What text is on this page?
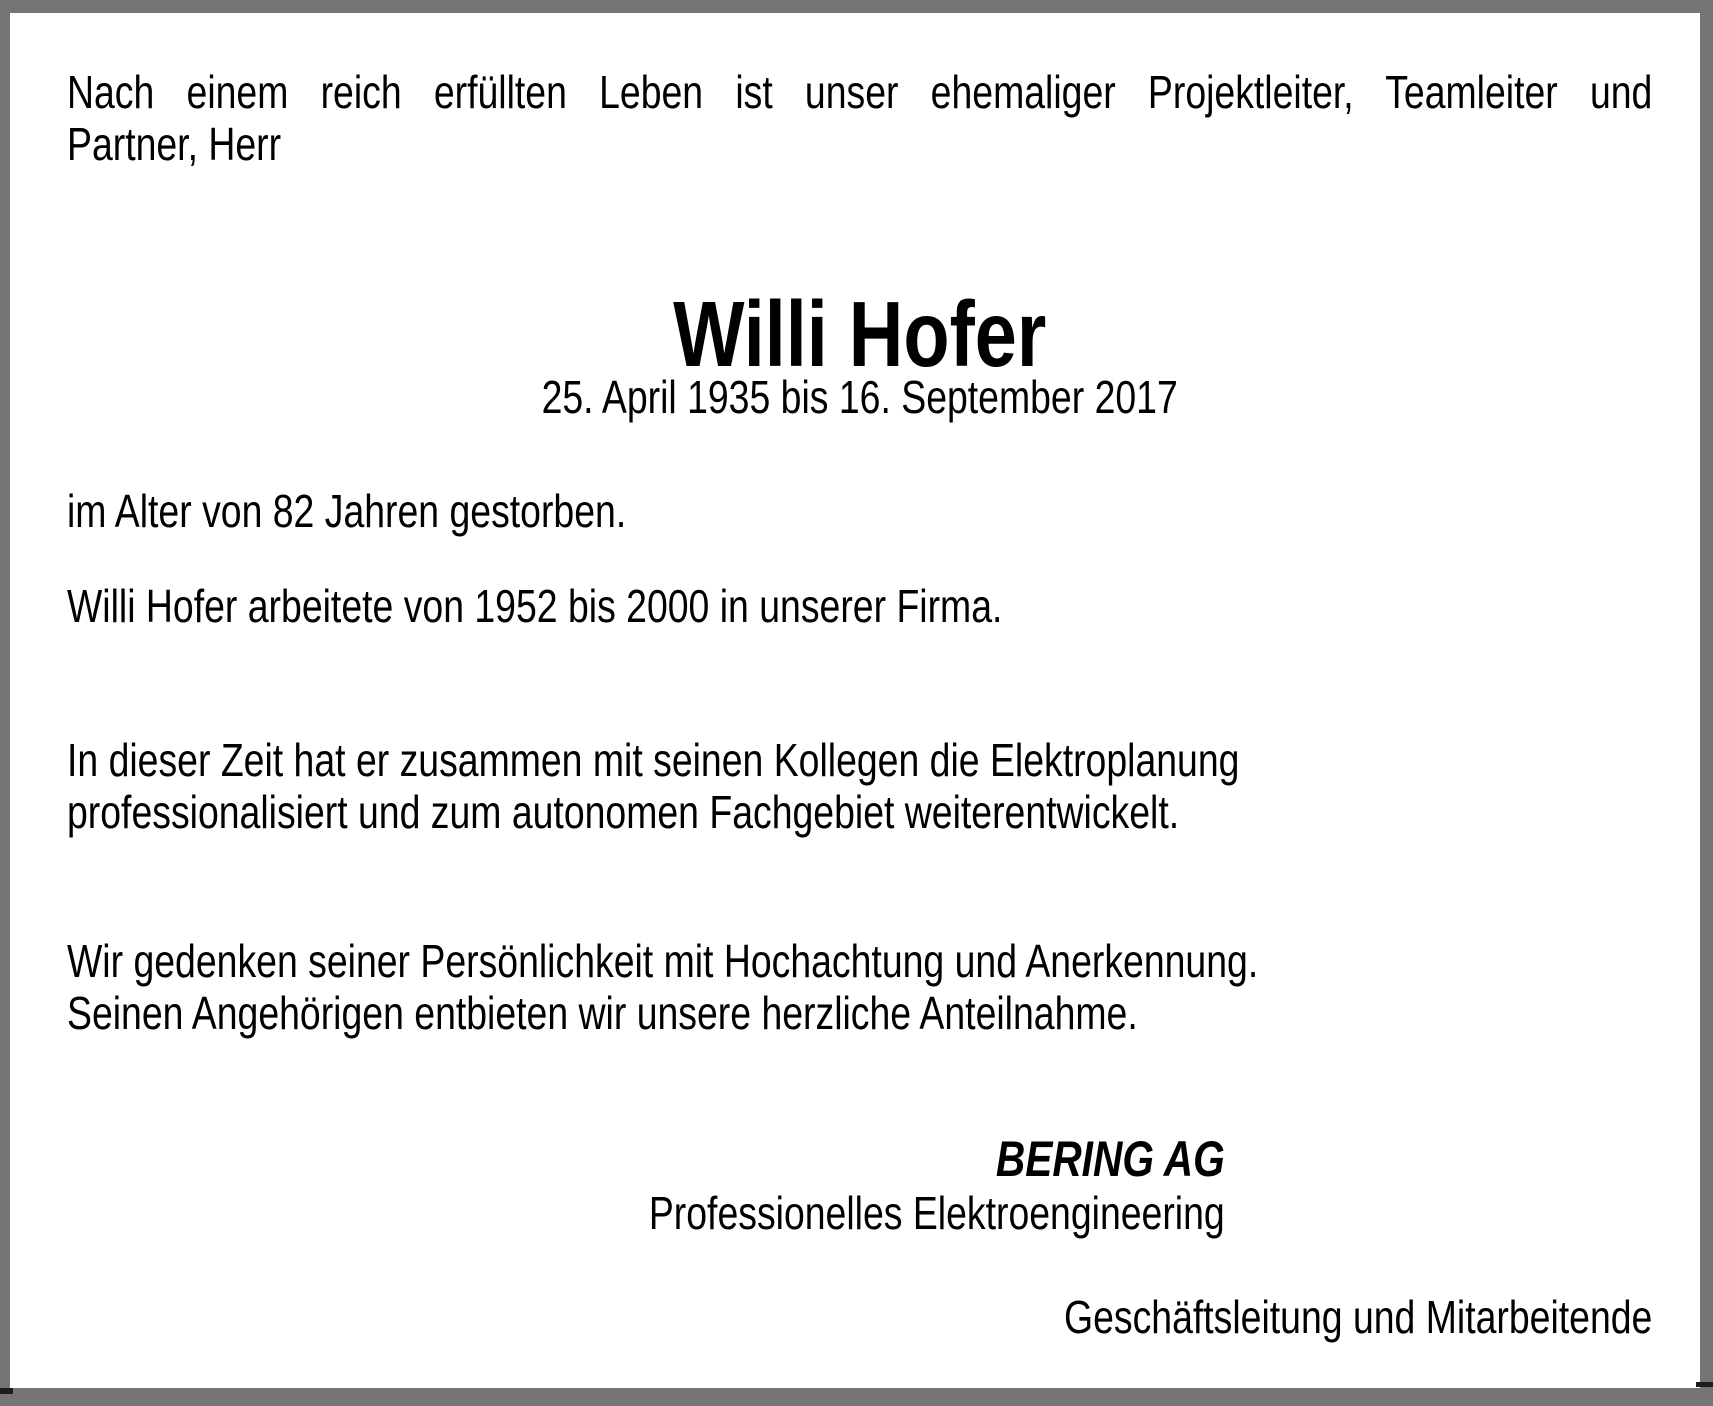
Nach einem reich erfüllten Leben ist unser ehemaliger Projektleiter, Teamleiter und
Partner, Herr
Willi Hofer
25. April 1935 bis 16. September 2017
im Alter von 82 Jahren gestorben.
Willi Hofer arbeitete von 1952 bis 2000 in unserer Firma.
In dieser Zeit hat er zusammen mit seinen Kollegen die Elektroplanung
professionalisiert und zum autonomen Fachgebiet weiterentwickelt.
Wir gedenken seiner Persönlichkeit mit Hochachtung und Anerkennung.
Seinen Angehörigen entbieten wir unsere herzliche Anteilnahme.
BERING AG
Professionelles Elektroengineering
Geschäftsleitung und Mitarbeitende
